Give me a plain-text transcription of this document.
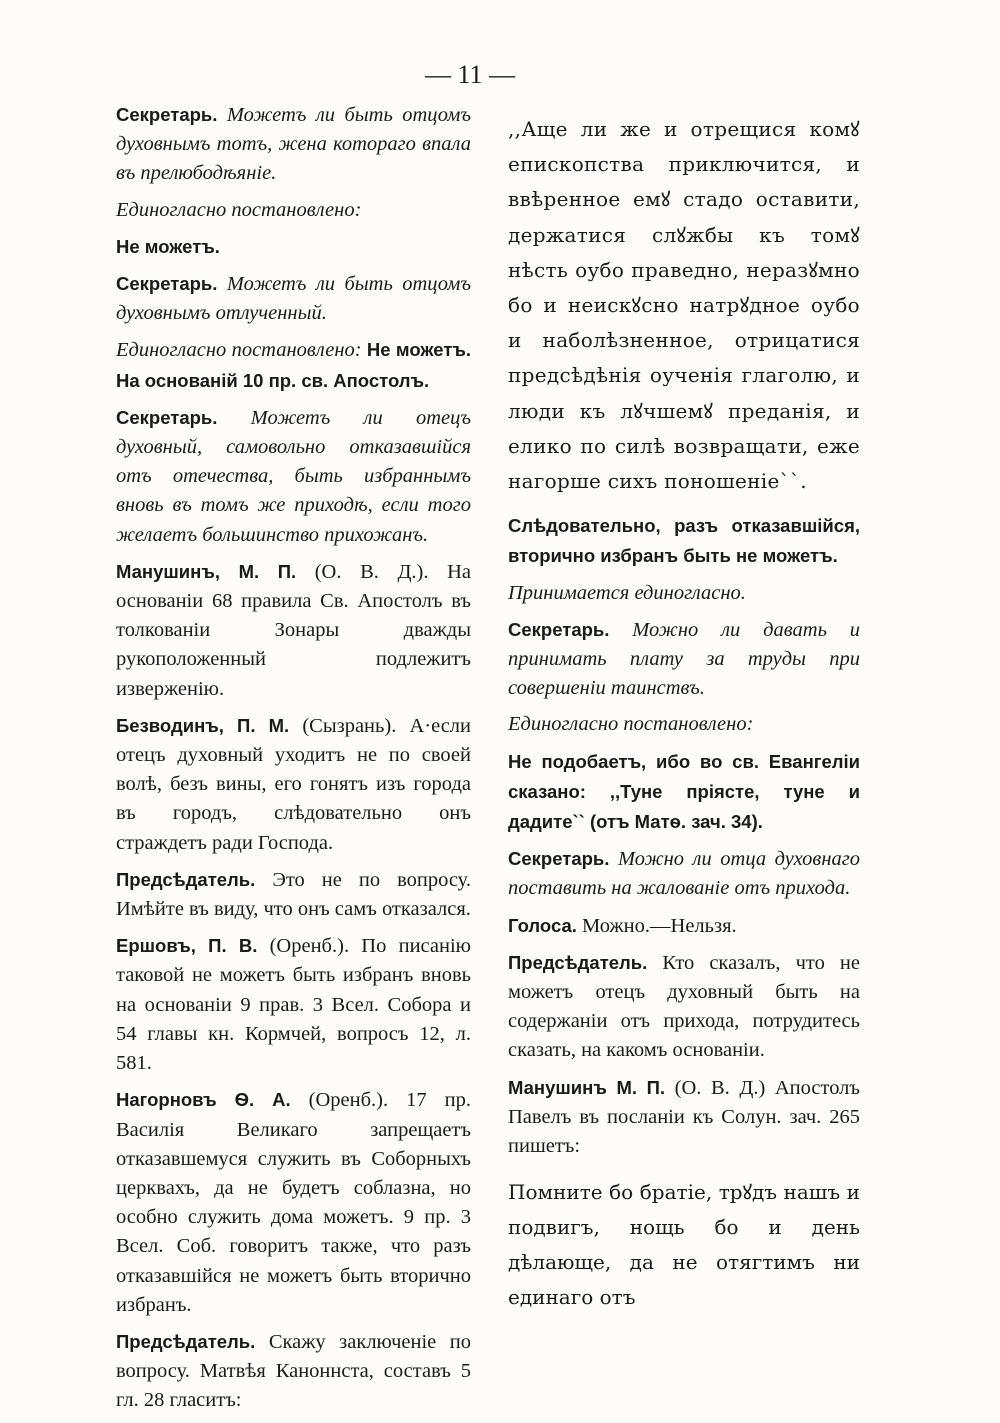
— 11 —

Секретарь. Можетъ ли быть отцомъ духовнымъ тотъ, жена котораго впала въ прелюбодѣяніе.

Единогласно постановлено:

Не можетъ.

Секретарь. Можетъ ли быть отцомъ духовнымъ отлученный.

Единогласно постановлено: Не можетъ. На основаній 10 пр. св. Апостолъ.

Секретарь. Можетъ ли отецъ духовный, самовольно отказавшійся отъ отечества, быть избраннымъ вновь въ томъ же приходѣ, если того желаетъ большинство прихожанъ.

Манушинъ, М. П. (О. В. Д.). На основаніи 68 правила Св. Апостолъ въ толкованіи Зонары дважды рукоположенный подлежитъ изверженію.

Безводинъ, П. М. (Сызрань). А·если отецъ духовный уходитъ не по своей волѣ, безъ вины, его гонятъ изъ города въ городъ, слѣдовательно онъ страждетъ ради Господа.

Предсѣдатель. Это не по вопросу. Имѣйте въ виду, что онъ самъ отказался.

Ершовъ, П. В. (Оренб.). По писанію таковой не можетъ быть избранъ вновь на основаніи 9 прав. 3 Всел. Собора и 54 главы кн. Кормчей, вопросъ 12, л. 581.

Нагорновъ Ѳ. А. (Оренб.). 17 пр. Василія Великаго запрещаетъ отказавшемуся служить въ Соборныхъ церквахъ, да не будетъ соблазна, но особно служить дома можетъ. 9 пр. 3 Всел. Соб. говоритъ также, что разъ отказавшійся не можетъ быть вторично избранъ.

Предсѣдатель. Скажу заключеніе по вопросу. Матвѣя Каноннста, составъ 5 гл. 28 гласитъ:

,,Аще ли же и отрещися комꙋ епископства приключится, и ввѣренное емꙋ стадо оставити, держатися слꙋжбы къ томꙋ нѣсть оубо праведно, неразꙋмно бо и неискꙋсно натрꙋдное оубо и наболѣзненное, отрицатися предсѣдѣнія оученія глаголю, и люди къ лꙋчшемꙋ преданія, и елико по силѣ возвращати, еже нагорше сихъ поношеніе``.

Слѣдовательно, разъ отказавшійся, вторично избранъ быть не можетъ.

Принимается единогласно.

Секретарь. Можно ли давать и принимать плату за труды при совершеніи таинствъ.

Единогласно постановлено:

Не подобаетъ, ибо во св. Евангеліи сказано: ,,Туне пріясте, туне и дадите`` (отъ Матѳ. зач. 34).

Секретарь. Можно ли отца духовнаго поставить на жалованіе отъ прихода.

Голоса. Можно.—Нельзя.

Предсѣдатель. Кто сказалъ, что не можетъ отецъ духовный быть на содержаніи отъ прихода, потрудитесь сказать, на какомъ основаніи.

Манушинъ М. П. (О. В. Д.) Апостолъ Павелъ въ посланіи къ Солун. зач. 265 пишетъ:

Помните бо братіе, трꙋдъ нашъ и подвигъ, нощь бо и день дѣлающе, да не отягтимъ ни единаго отъ
